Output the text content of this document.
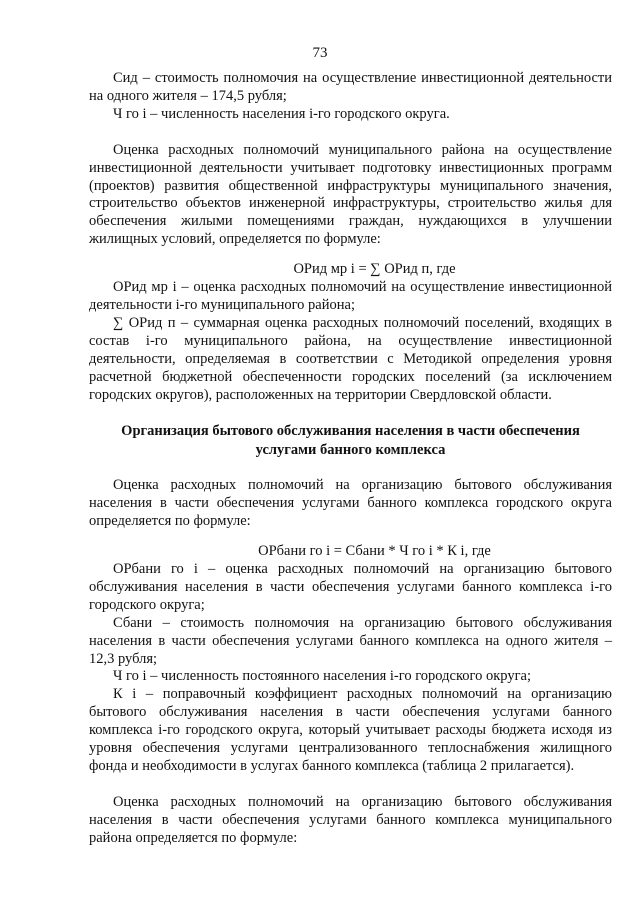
73

Сид – стоимость полномочия на осуществление инвестиционной деятельности на одного жителя – 174,5 рубля;

Ч го i – численность населения i-го городского округа.

Оценка расходных полномочий муниципального района на осуществление инвестиционной деятельности учитывает подготовку инвестиционных программ (проектов) развития общественной инфраструктуры муниципального значения, строительство объектов инженерной инфраструктуры, строительство жилья для обеспечения жилыми помещениями граждан, нуждающихся в улучшении жилищных условий, определяется по формуле:

ОРид мр i = ∑ ОРид п, где

ОРид мр i – оценка расходных полномочий на осуществление инвестиционной деятельности i-го муниципального района;

∑ ОРид п – суммарная оценка расходных полномочий поселений, входящих в состав i-го муниципального района, на осуществление инвестиционной деятельности, определяемая в соответствии с Методикой определения уровня расчетной бюджетной обеспеченности городских поселений (за исключением городских округов), расположенных на территории Свердловской области.

Организация бытового обслуживания населения в части обеспечения
услугами банного комплекса

Оценка расходных полномочий на организацию бытового обслуживания населения в части обеспечения услугами банного комплекса городского округа определяется по формуле:

ОРбани го i = Сбани * Ч го i * К i, где

ОРбани го i – оценка расходных полномочий на организацию бытового обслуживания населения в части обеспечения услугами банного комплекса i-го городского округа;

Сбани – стоимость полномочия на организацию бытового обслуживания населения в части обеспечения услугами банного комплекса на одного жителя – 12,3 рубля;

Ч го i – численность постоянного населения i-го городского округа;

К i – поправочный коэффициент расходных полномочий на организацию бытового обслуживания населения в части обеспечения услугами банного комплекса i-го городского округа, который учитывает расходы бюджета исходя из уровня обеспечения услугами централизованного теплоснабжения жилищного фонда и необходимости в услугах банного комплекса (таблица 2 прилагается).

Оценка расходных полномочий на организацию бытового обслуживания населения в части обеспечения услугами банного комплекса муниципального района определяется по формуле:
